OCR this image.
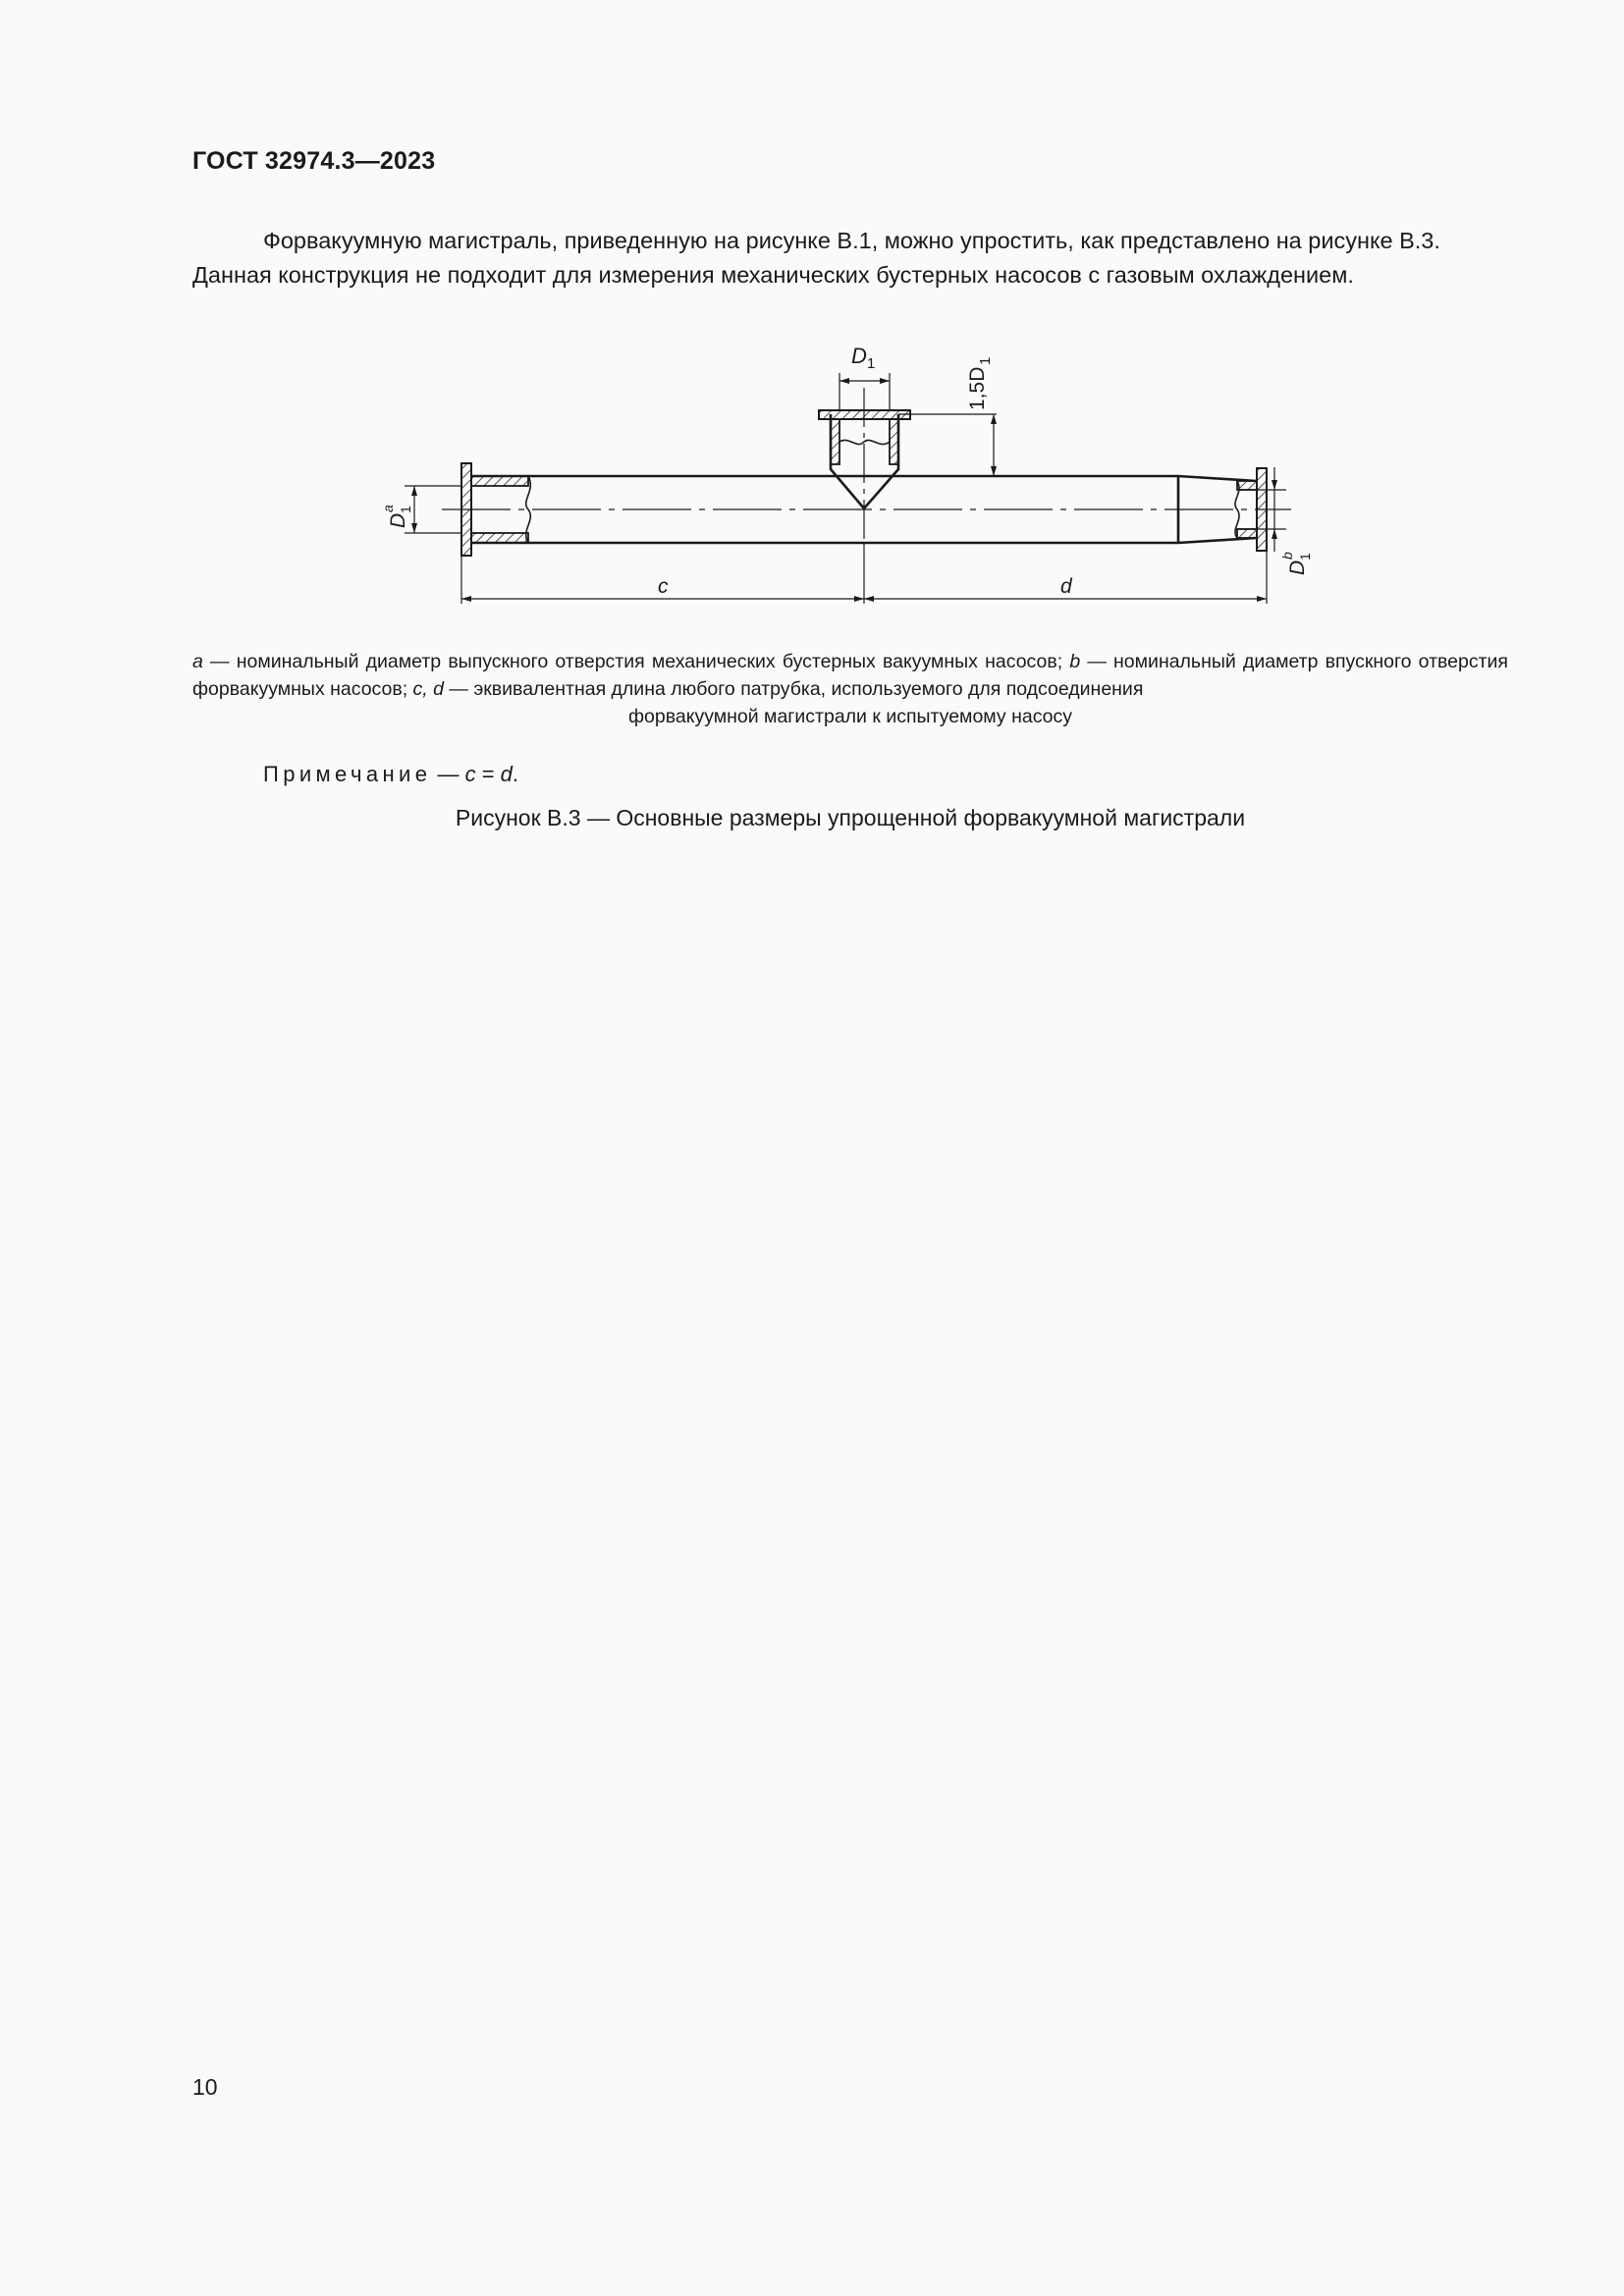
ГОСТ 32974.3—2023

Форвакуумную магистраль, приведенную на рисунке В.1, можно упростить, как представлено на рисунке В.3.
Данная конструкция не подходит для измерения механических бустерных насосов с газовым охлаждением.

D 1
1,5D
1
D
1
a
D
1
b
c	d

a — номинальный диаметр выпускного отверстия механических бустерных вакуумных насосов; b — номинальный диаметр впускного отверстия форвакуумных насосов; c, d — эквивалентная длина любого патрубка, используемого для подсоединения
форвакуумной магистрали к испытуемому насосу

Примечание — c = d.
Рисунок В.3 — Основные размеры упрощенной форвакуумной магистрали
10
